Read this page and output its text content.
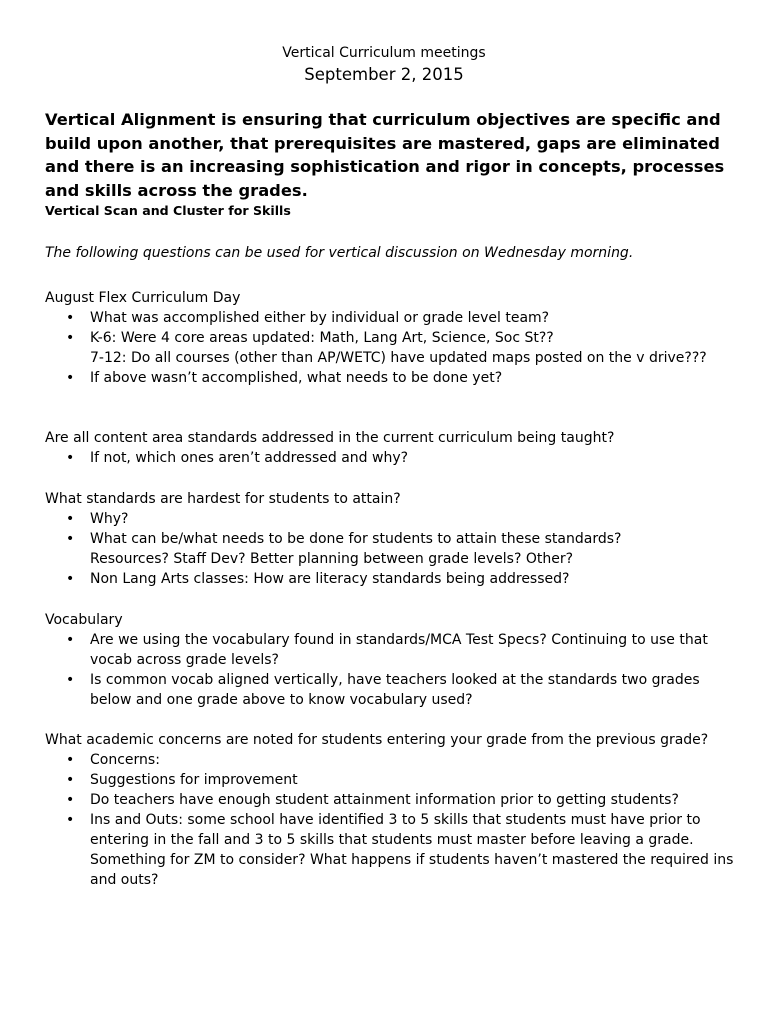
Vertical Curriculum meetings
September 2, 2015

Vertical Alignment is ensuring that curriculum objectives are specific and build upon another, that prerequisites are mastered, gaps are eliminated and there is an increasing sophistication and rigor in concepts, processes and skills across the grades.

Vertical Scan and Cluster for Skills

The following questions can be used for vertical discussion on Wednesday morning.

August Flex Curriculum Day

• What was accomplished either by individual or grade level team?
• K-6: Were 4 core areas updated: Math, Lang Art, Science, Soc St??
7-12: Do all courses (other than AP/WETC) have updated maps posted on the v drive???
• If above wasn’t accomplished, what needs to be done yet?

Are all content area standards addressed in the current curriculum being taught?

• If not, which ones aren’t addressed and why?

What standards are hardest for students to attain?

• Why?
• What can be/what needs to be done for students to attain these standards?
Resources? Staff Dev? Better planning between grade levels? Other?
• Non Lang Arts classes: How are literacy standards being addressed?

Vocabulary

• Are we using the vocabulary found in standards/MCA Test Specs? Continuing to use that vocab across grade levels?
• Is common vocab aligned vertically, have teachers looked at the standards two grades below and one grade above to know vocabulary used?

What academic concerns are noted for students entering your grade from the previous grade?

• Concerns:
• Suggestions for improvement
• Do teachers have enough student attainment information prior to getting students?
• Ins and Outs: some school have identified 3 to 5 skills that students must have prior to entering in the fall and 3 to 5 skills that students must master before leaving a grade.
Something for ZM to consider? What happens if students haven’t mastered the required ins and outs?
